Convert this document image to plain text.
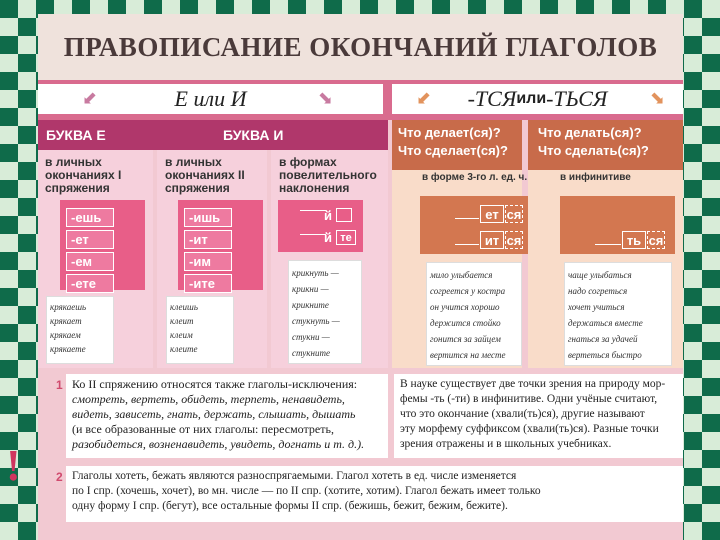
ПРАВОПИСАНИЕ ОКОНЧАНИЙ ГЛАГОЛОВ
⬋	Е или И	⬊	⬋ -ТСЯ или -ТЬСЯ ⬊
БУКВА Е	БУКВА И	Что делает(ся)?
Что сделает(ся)?
Что делать(ся)?
Что сделать(ся)?
в личных окончаниях I спряжения
-ешь
-ет
-ем
-ете
крякаешь
крякает
крякаем
крякаете
в личных окончаниях II спряжения
-ишь
-ит
-им
-ите
клеишь
клеит
клеим
клеите
в формах повелительного наклонения
й
й те
крикнуть —
крикни —
крикните
стукнуть —
стукни —
стукните
в форме 3-го л. ед. ч.
ет ся
ит ся
мило улыбается
согреется у костра
он учится хорошо
держится стойко
гонится за зайцем
вертится на месте
в инфинитиве
ть ся
чаще улыбаться
надо согреться
хочет учиться
держаться вместе
гнаться за удачей
вертеться быстро
!
1 Ко II спряжению относятся также глаголы-исключения:
смотреть, вертеть, обидеть, терпеть, ненавидеть,
видеть, зависеть, гнать, держать, слышать, дышать
(и все образованные от них глаголы: пересмотреть,
разобидеться, возненавидеть, увидеть, догнать и т. д.).
В науке существует две точки зрения на природу мор-
фемы -ть (-ти) в инфинитиве. Одни учёные считают,
что это окончание (хвали(ть)ся), другие называют
эту морфему суффиксом (хвали(ть)ся). Разные точки
зрения отражены и в школьных учебниках.
2 Глаголы хотеть, бежать являются разноспрягаемыми. Глагол хотеть в ед. числе изменяется
по I спр. (хочешь, хочет), во мн. числе — по II спр. (хотите, хотим). Глагол бежать имеет только
одну форму I спр. (бегут), все остальные формы II спр. (бежишь, бежит, бежим, бежите).
